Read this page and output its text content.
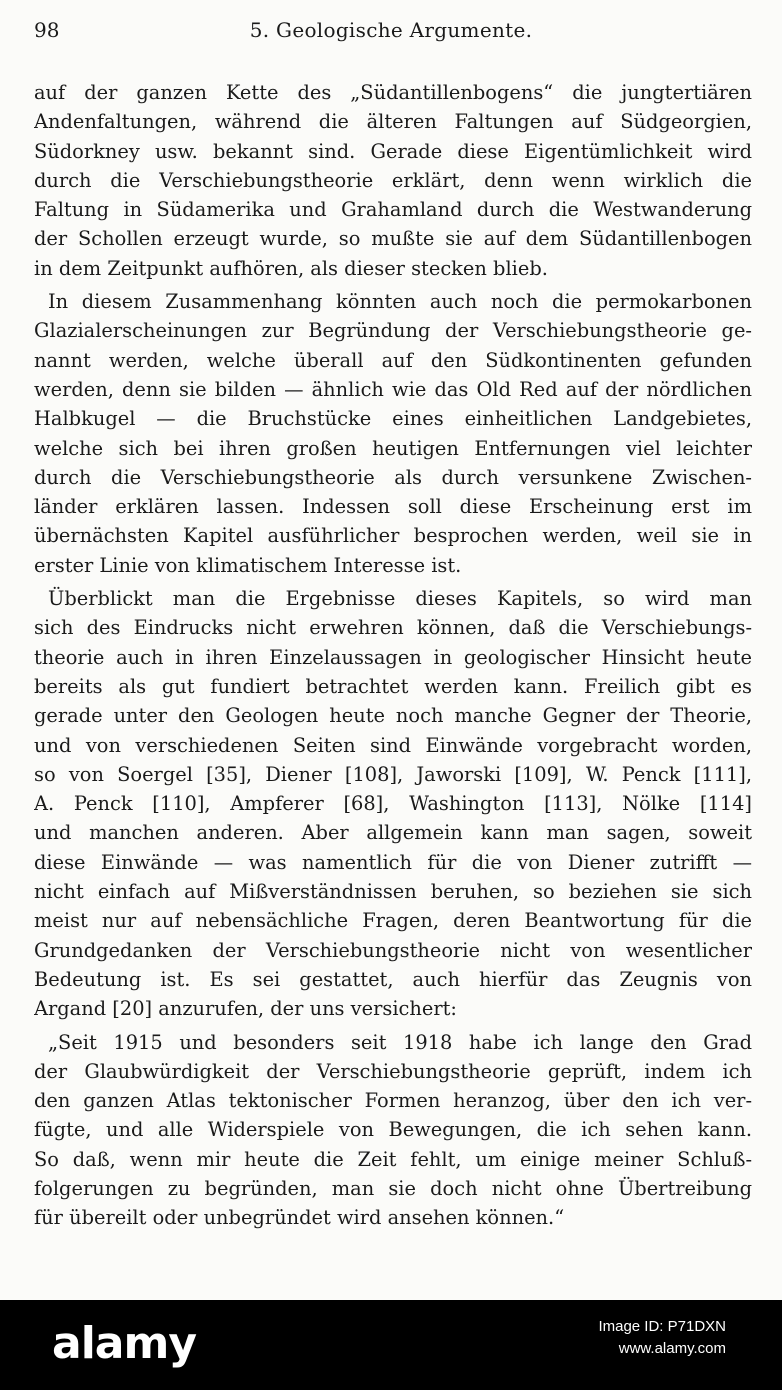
98	5. Geologische Argumente.
auf der ganzen Kette des „Südantillenbogens“ die jungtertiären
Andenfaltungen, während die älteren Faltungen auf Südgeorgien,
Südorkney usw. bekannt sind. Gerade diese Eigentümlichkeit wird
durch die Verschiebungstheorie erklärt, denn wenn wirklich die
Faltung in Südamerika und Grahamland durch die Westwanderung
der Schollen erzeugt wurde, so mußte sie auf dem Südantillenbogen
in dem Zeitpunkt aufhören, als dieser stecken blieb.
In diesem Zusammenhang könnten auch noch die permokarbonen
Glazialerscheinungen zur Begründung der Verschiebungstheorie ge-
nannt werden, welche überall auf den Südkontinenten gefunden
werden, denn sie bilden — ähnlich wie das Old Red auf der nördlichen
Halbkugel — die Bruchstücke eines einheitlichen Landgebietes,
welche sich bei ihren großen heutigen Entfernungen viel leichter
durch die Verschiebungstheorie als durch versunkene Zwischen-
länder erklären lassen. Indessen soll diese Erscheinung erst im
übernächsten Kapitel ausführlicher besprochen werden, weil sie in
erster Linie von klimatischem Interesse ist.
Überblickt man die Ergebnisse dieses Kapitels, so wird man
sich des Eindrucks nicht erwehren können, daß die Verschiebungs-
theorie auch in ihren Einzelaussagen in geologischer Hinsicht heute
bereits als gut fundiert betrachtet werden kann. Freilich gibt es
gerade unter den Geologen heute noch manche Gegner der Theorie,
und von verschiedenen Seiten sind Einwände vorgebracht worden,
so von Soergel [35], Diener [108], Jaworski [109], W. Penck [111],
A. Penck [110], Ampferer [68], Washington [113], Nölke [114]
und manchen anderen. Aber allgemein kann man sagen, soweit
diese Einwände — was namentlich für die von Diener zutrifft —
nicht einfach auf Mißverständnissen beruhen, so beziehen sie sich
meist nur auf nebensächliche Fragen, deren Beantwortung für die
Grundgedanken der Verschiebungstheorie nicht von wesentlicher
Bedeutung ist. Es sei gestattet, auch hierfür das Zeugnis von
Argand [20] anzurufen, der uns versichert:
„Seit 1915 und besonders seit 1918 habe ich lange den Grad
der Glaubwürdigkeit der Verschiebungstheorie geprüft, indem ich
den ganzen Atlas tektonischer Formen heranzog, über den ich ver-
fügte, und alle Widerspiele von Bewegungen, die ich sehen kann.
So daß, wenn mir heute die Zeit fehlt, um einige meiner Schluß-
folgerungen zu begründen, man sie doch nicht ohne Übertreibung
für übereilt oder unbegründet wird ansehen können.“
alamy	Image ID: P71DXN
www.alamy.com
